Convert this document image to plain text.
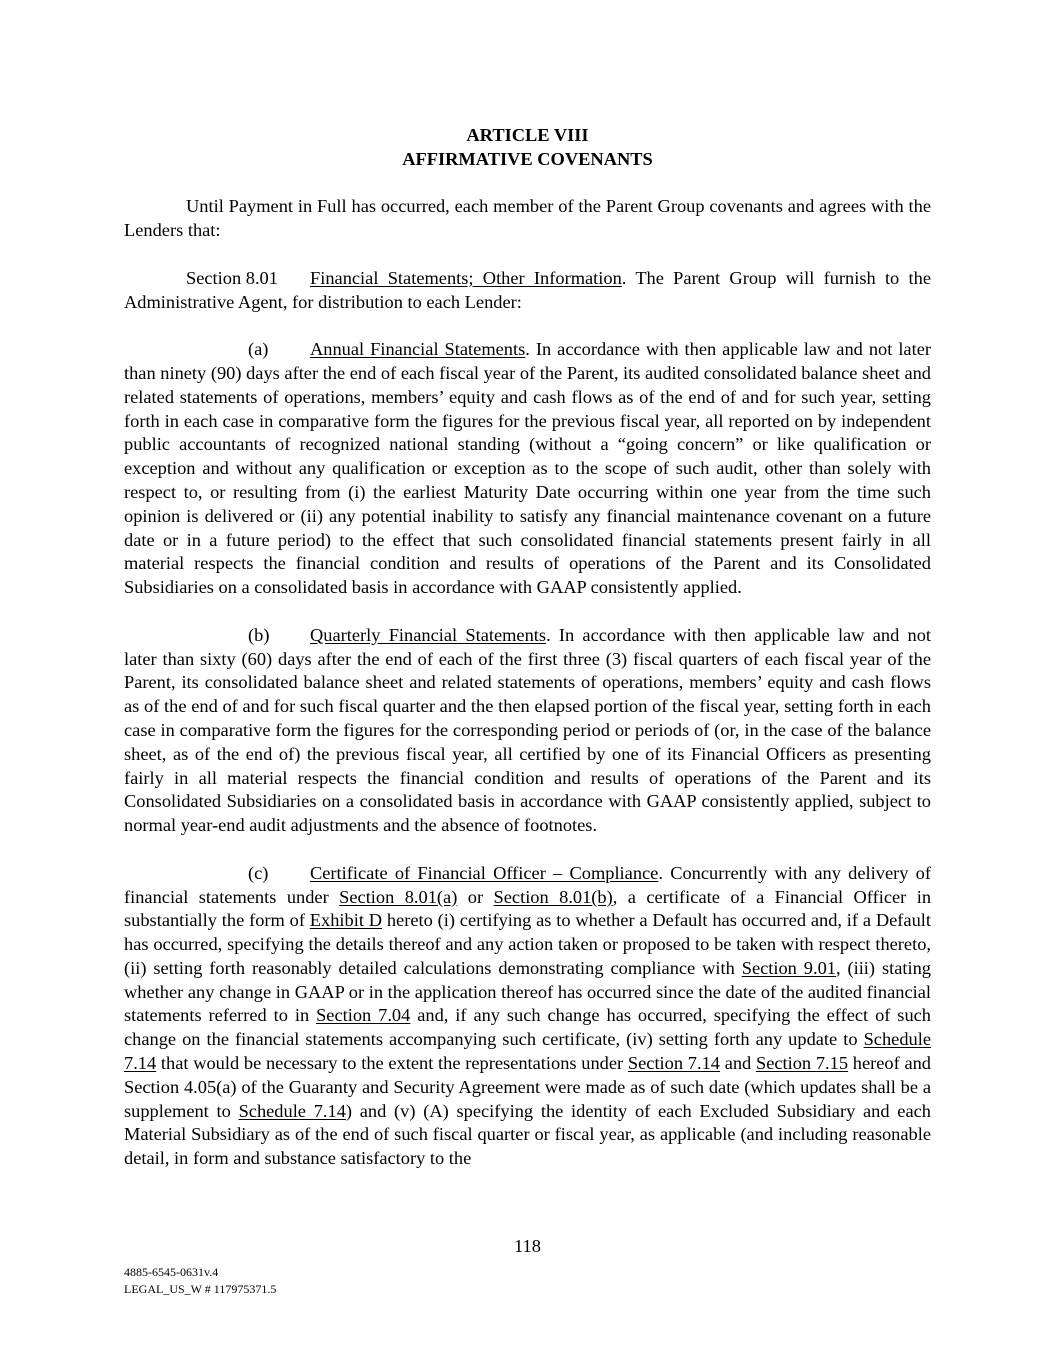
ARTICLE VIII

AFFIRMATIVE COVENANTS

Until Payment in Full has occurred, each member of the Parent Group covenants and agrees with the Lenders that:

Section 8.01 Financial Statements; Other Information. The Parent Group will furnish to the Administrative Agent, for distribution to each Lender:

(a) Annual Financial Statements. In accordance with then applicable law and not later than ninety (90) days after the end of each fiscal year of the Parent, its audited consolidated balance sheet and related statements of operations, members’ equity and cash flows as of the end of and for such year, setting forth in each case in comparative form the figures for the previous fiscal year, all reported on by independent public accountants of recognized national standing (without a “going concern” or like qualification or exception and without any qualification or exception as to the scope of such audit, other than solely with respect to, or resulting from (i) the earliest Maturity Date occurring within one year from the time such opinion is delivered or (ii) any potential inability to satisfy any financial maintenance covenant on a future date or in a future period) to the effect that such consolidated financial statements present fairly in all material respects the financial condition and results of operations of the Parent and its Consolidated Subsidiaries on a consolidated basis in accordance with GAAP consistently applied.

(b) Quarterly Financial Statements. In accordance with then applicable law and not later than sixty (60) days after the end of each of the first three (3) fiscal quarters of each fiscal year of the Parent, its consolidated balance sheet and related statements of operations, members’ equity and cash flows as of the end of and for such fiscal quarter and the then elapsed portion of the fiscal year, setting forth in each case in comparative form the figures for the corresponding period or periods of (or, in the case of the balance sheet, as of the end of) the previous fiscal year, all certified by one of its Financial Officers as presenting fairly in all material respects the financial condition and results of operations of the Parent and its Consolidated Subsidiaries on a consolidated basis in accordance with GAAP consistently applied, subject to normal year-end audit adjustments and the absence of footnotes.

(c) Certificate of Financial Officer – Compliance. Concurrently with any delivery of financial statements under Section 8.01(a) or Section 8.01(b), a certificate of a Financial Officer in substantially the form of Exhibit D hereto (i) certifying as to whether a Default has occurred and, if a Default has occurred, specifying the details thereof and any action taken or proposed to be taken with respect thereto, (ii) setting forth reasonably detailed calculations demonstrating compliance with Section 9.01, (iii) stating whether any change in GAAP or in the application thereof has occurred since the date of the audited financial statements referred to in Section 7.04 and, if any such change has occurred, specifying the effect of such change on the financial statements accompanying such certificate, (iv) setting forth any update to Schedule 7.14 that would be necessary to the extent the representations under Section 7.14 and Section 7.15 hereof and Section 4.05(a) of the Guaranty and Security Agreement were made as of such date (which updates shall be a supplement to Schedule 7.14) and (v) (A) specifying the identity of each Excluded Subsidiary and each Material Subsidiary as of the end of such fiscal quarter or fiscal year, as applicable (and including reasonable detail, in form and substance satisfactory to the

118
4885-6545-0631v.4
LEGAL_US_W # 117975371.5
